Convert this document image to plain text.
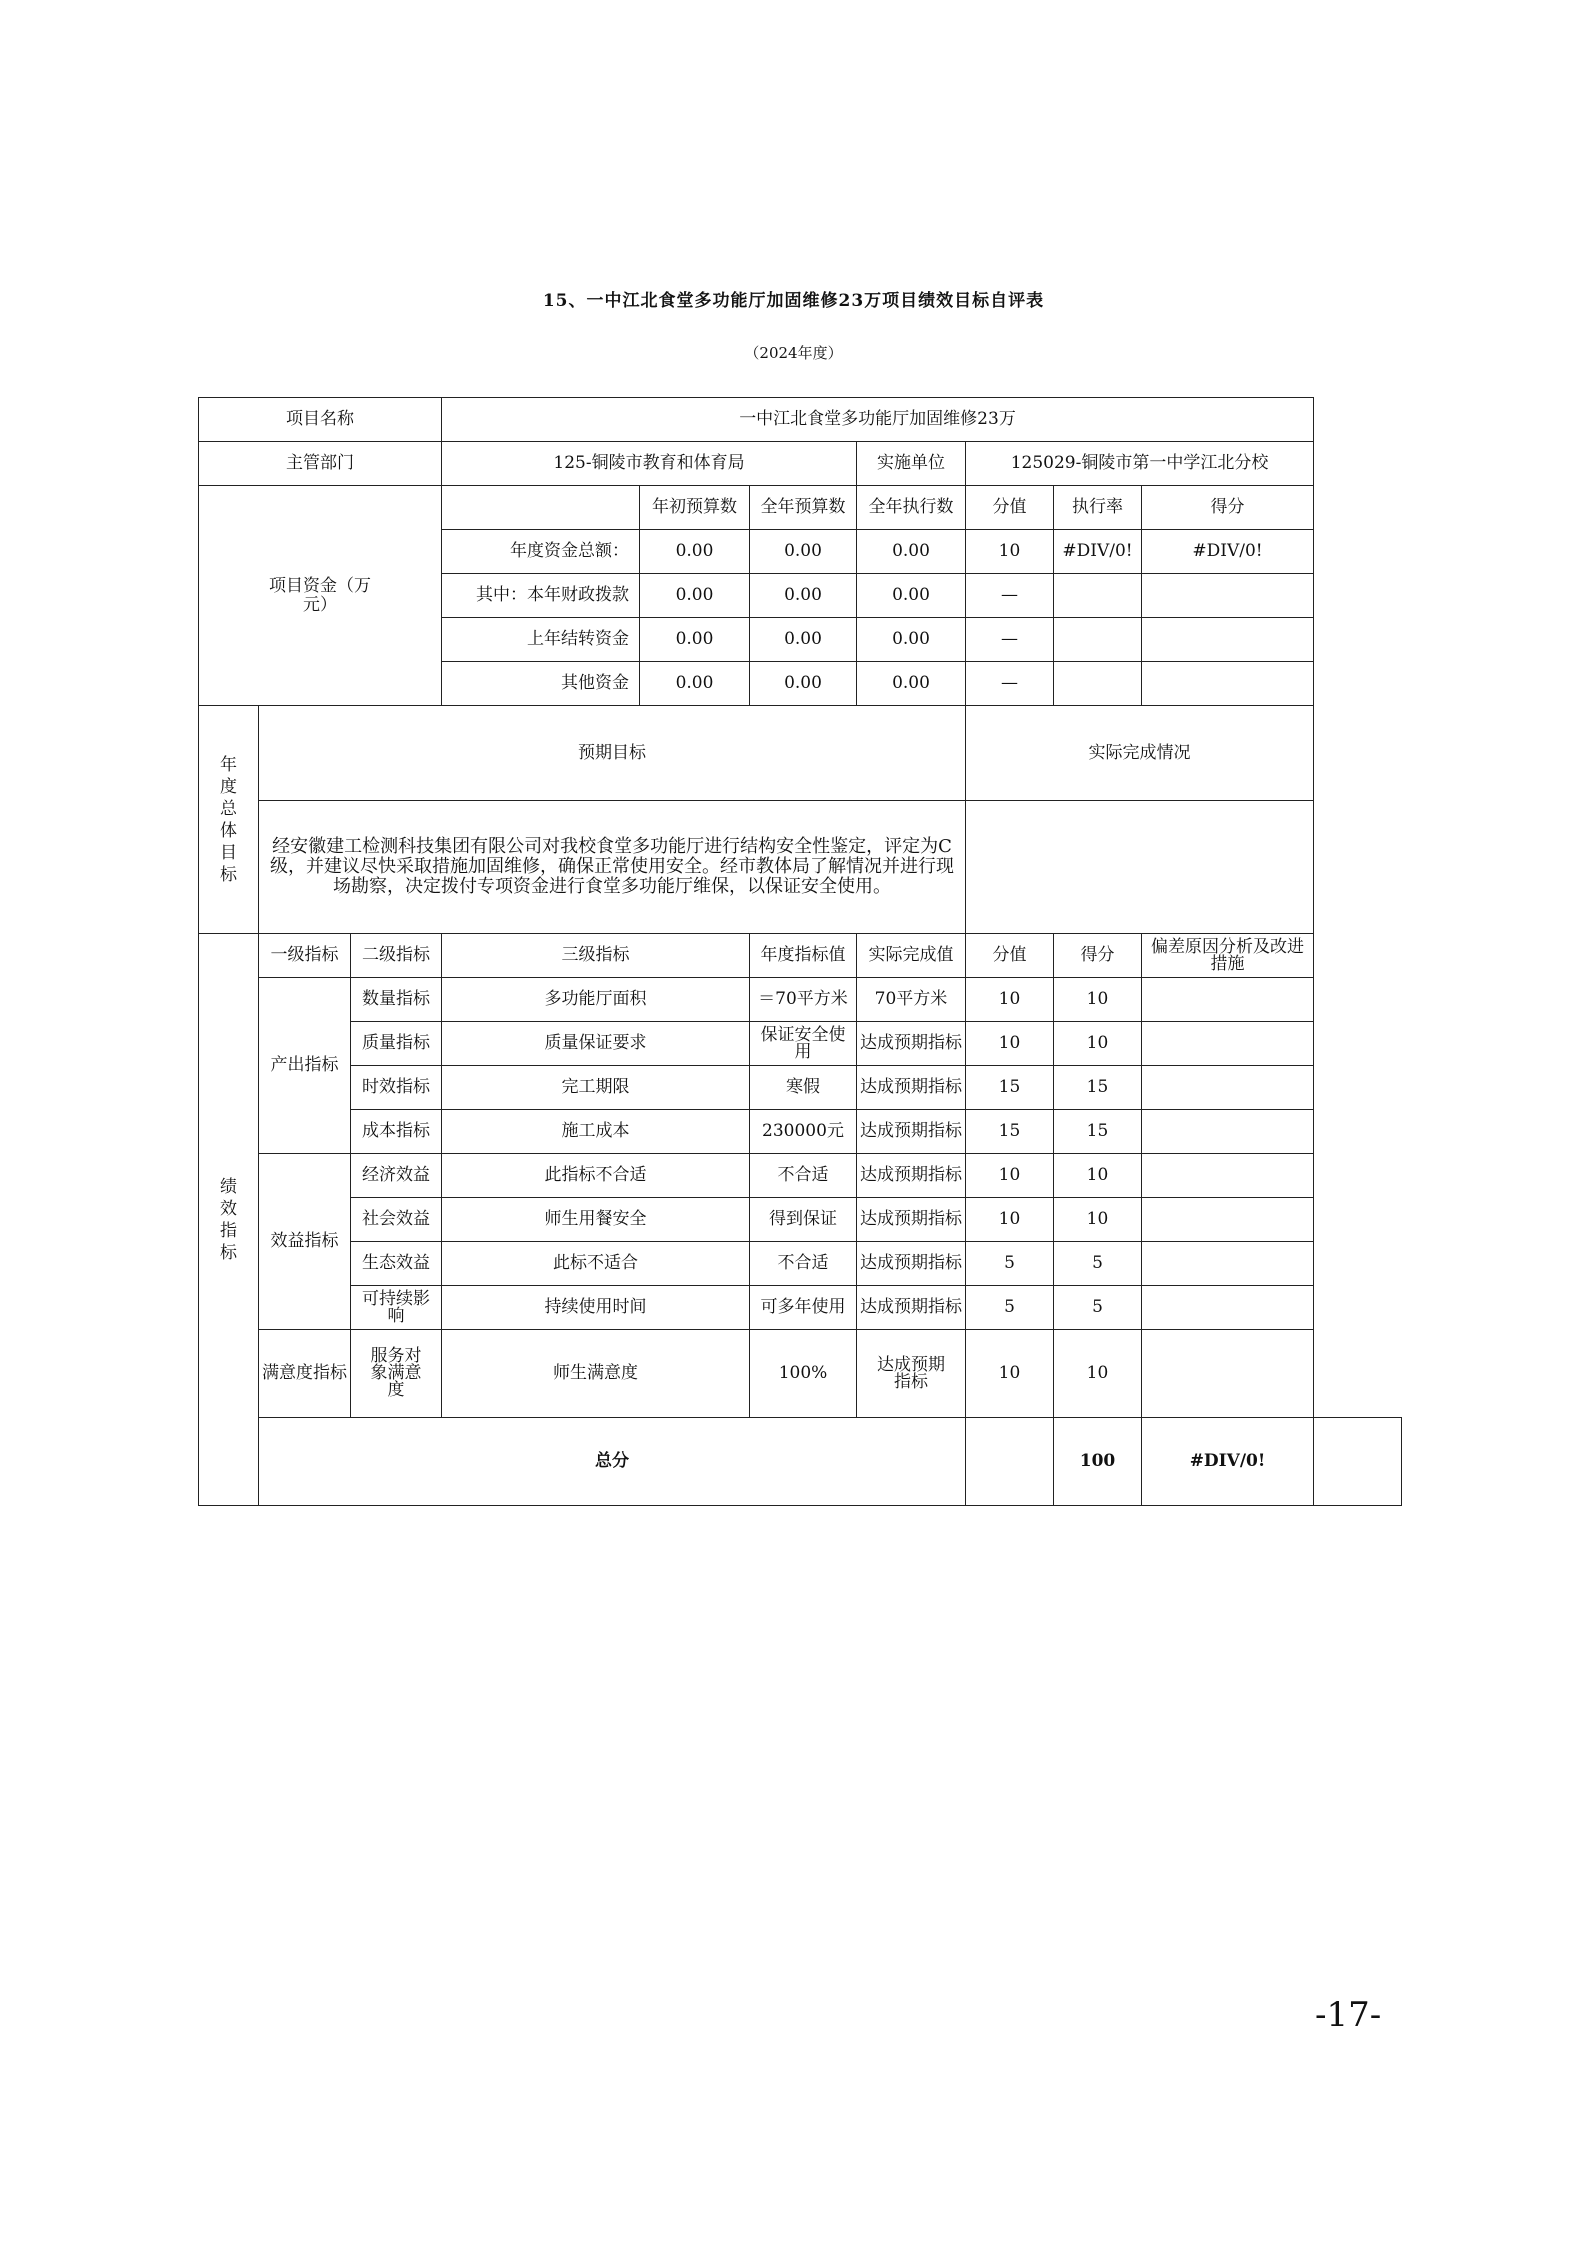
15、一中江北食堂多功能厅加固维修23万项目绩效目标自评表
（2024年度）
项目名称			一中江北食堂多功能厅加固维修23万							
主管部门			125-铜陵市教育和体育局			实施单位	125029-铜陵市第一中学江北分校			
项目资金（万元）				年初预算数	全年预算数	全年执行数	分值	执行率	得分	
			年度资金总额：	0.00	0.00	0.00	10	#DIV/0!	#DIV/0!	
			其中：本年财政拨款	0.00	0.00	0.00	—			
			上年结转资金	0.00	0.00	0.00	—			
			其他资金	0.00	0.00	0.00	—			
年度总体目标	预期目标						实际完成情况			
	经安徽建工检测科技集团有限公司对我校食堂多功能厅进行结构安全性鉴定，评定为C级，并建议尽快采取措施加固维修，确保正常使用安全。经市教体局了解情况并进行现场勘察，决定拨付专项资金进行食堂多功能厅维保，以保证安全使用。									
绩效指标	一级指标	二级指标	三级指标		年度指标值	实际完成值	分值	得分	偏差原因分析及改进措施	
	产出指标	数量指标	多功能厅面积		＝70平方米	70平方米	10	10		
		质量指标	质量保证要求		保证安全使用	达成预期指标	10	10		
		时效指标	完工期限		寒假	达成预期指标	15	15		
		成本指标	施工成本		230000元	达成预期指标	15	15		
	效益指标	经济效益	此指标不合适		不合适	达成预期指标	10	10		
		社会效益	师生用餐安全		得到保证	达成预期指标	10	10		
		生态效益	此标不适合		不合适	达成预期指标	5	5		
		可持续影响	持续使用时间		可多年使用	达成预期指标	5	5		
	满意度指标	服务对象满意度	师生满意度		100%	达成预期指标	10	10		
	总分							100	#DIV/0!	
-17-
